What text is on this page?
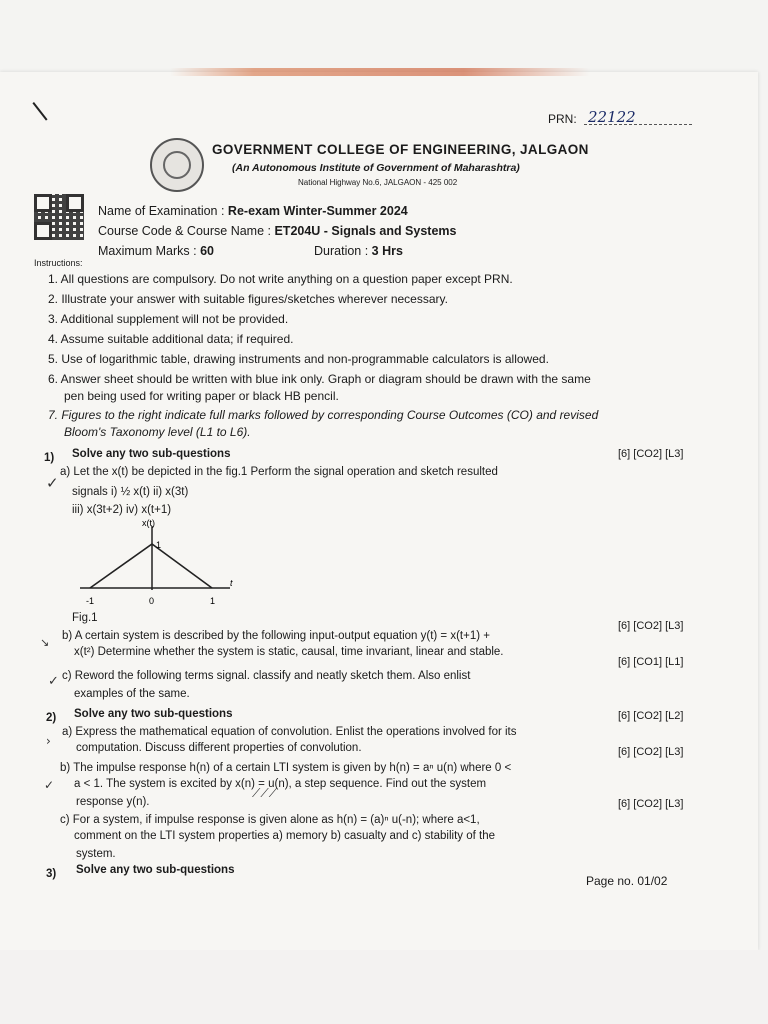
PRN: 22122
GOVERNMENT COLLEGE OF ENGINEERING, JALGAON
(An Autonomous Institute of Government of Maharashtra)
National Highway No.6, JALGAON - 425 002
Name of Examination : Re-exam Winter-Summer 2024
Course Code & Course Name : ET204U - Signals and Systems
Maximum Marks : 60	Duration : 3 Hrs
Instructions:
1. All questions are compulsory. Do not write anything on a question paper except PRN.
2. Illustrate your answer with suitable figures/sketches wherever necessary.
3. Additional supplement will not be provided.
4. Assume suitable additional data; if required.
5. Use of logarithmic table, drawing instruments and non-programmable calculators is allowed.
6. Answer sheet should be written with blue ink only. Graph or diagram should be drawn with the same
pen being used for writing paper or black HB pencil.
7. Figures to the right indicate full marks followed by corresponding Course Outcomes (CO) and revised
Bloom's Taxonomy level (L1 to L6).
1) Solve any two sub-questions
✓
a) Let the x(t) be depicted in the fig.1 Perform the signal operation and sketch resulted
[6] [CO2] [L3]
signals i) ½ x(t) ii) x(3t)
iii) x(3t+2) iv) x(t+1)
x(t)
1
-1	0	1
t
Fig.1
↘ b) A certain system is described by the following input-output equation y(t) = x(t+1) +
[6] [CO2] [L3]
x(t²) Determine whether the system is static, causal, time invariant, linear and stable.
✓ c) Reword the following terms signal. classify and neatly sketch them. Also enlist
[6] [CO1] [L1]
examples of the same.
2) Solve any two sub-questions
›
a) Express the mathematical equation of convolution. Enlist the operations involved for its
[6] [CO2] [L2]
computation. Discuss different properties of convolution.
b) The impulse response h(n) of a certain LTI system is given by h(n) = aⁿ u(n) where 0 <
[6] [CO2] [L3]
✓ a < 1. The system is excited by x(n) = u(n), a step sequence. Find out the system
response y(n).
⟋⟋⟋
c) For a system, if impulse response is given alone as h(n) = (a)ⁿ u(-n); where a<1,
[6] [CO2] [L3]
comment on the LTI system properties a) memory b) casualty and c) stability of the
system.
3) Solve any two sub-questions
Page no. 01/02
